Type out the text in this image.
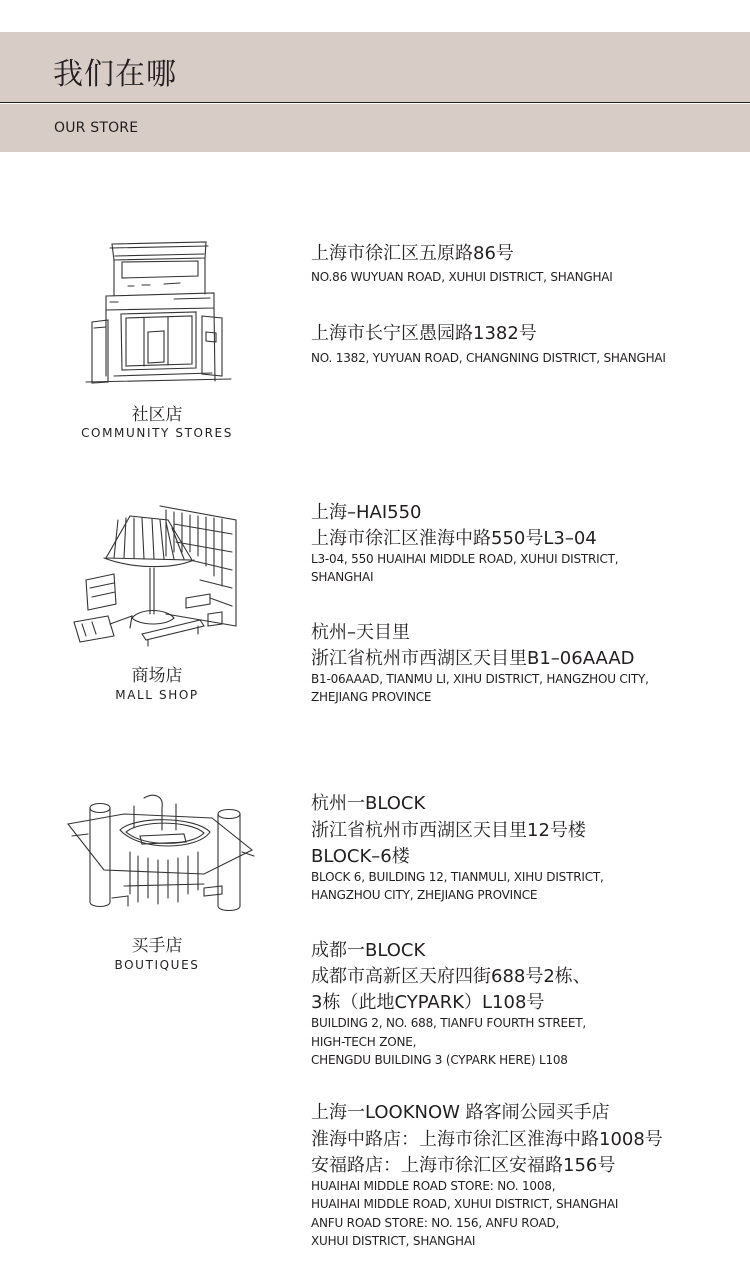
我们在哪
OUR STORE
社区店
COMMUNITY STORES
上海市徐汇区五原路86号
NO.86 WUYUAN ROAD, XUHUI DISTRICT, SHANGHAI
上海市长宁区愚园路1382号
NO. 1382, YUYUAN ROAD, CHANGNING DISTRICT, SHANGHAI
商场店
MALL SHOP
上海–HAI550
上海市徐汇区淮海中路550号L3–04
L3-04, 550 HUAIHAI MIDDLE ROAD, XUHUI DISTRICT,
SHANGHAI
杭州–天目里
浙江省杭州市西湖区天目里B1–06AAAD
B1-06AAAD, TIANMU LI, XIHU DISTRICT, HANGZHOU CITY,
ZHEJIANG PROVINCE
买手店
BOUTIQUES
杭州一BLOCK
浙江省杭州市西湖区天目里12号楼
BLOCK–6楼
BLOCK 6, BUILDING 12, TIANMULI, XIHU DISTRICT,
HANGZHOU CITY, ZHEJIANG PROVINCE
成都一BLOCK
成都市高新区天府四街688号2栋、
3栋（此地CYPARK）L108号
BUILDING 2, NO. 688, TIANFU FOURTH STREET,
HIGH-TECH ZONE,
CHENGDU BUILDING 3 (CYPARK HERE) L108
上海一LOOKNOW 路客闹公园买手店
淮海中路店：上海市徐汇区淮海中路1008号
安福路店：上海市徐汇区安福路156号
HUAIHAI MIDDLE ROAD STORE: NO. 1008,
HUAIHAI MIDDLE ROAD, XUHUI DISTRICT, SHANGHAI
ANFU ROAD STORE: NO. 156, ANFU ROAD,
XUHUI DISTRICT, SHANGHAI
